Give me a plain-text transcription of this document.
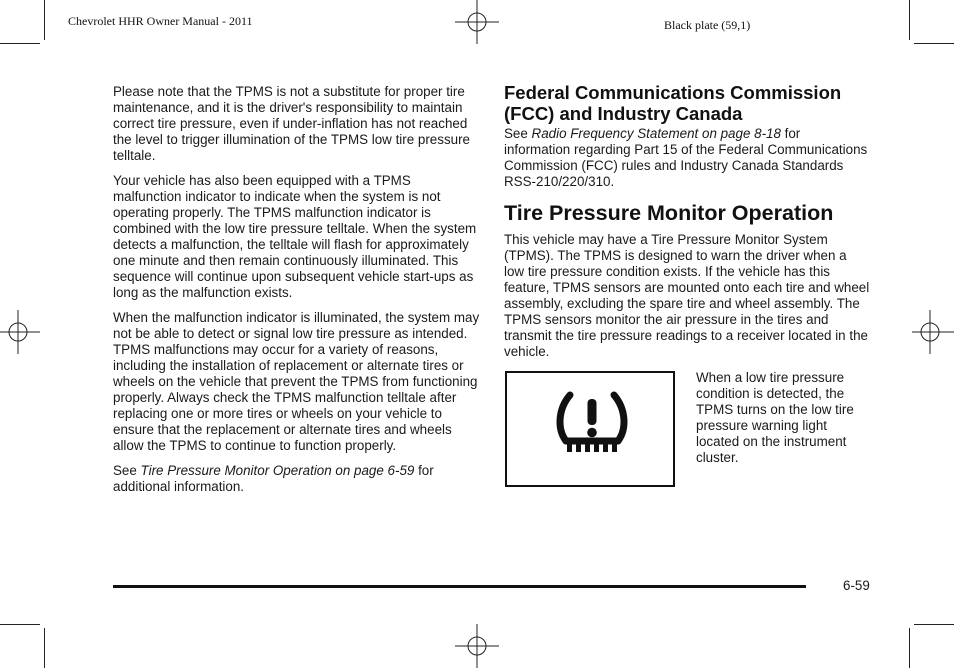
Chevrolet HHR Owner Manual - 2011	Black plate (59,1)

Please note that the TPMS is not a substitute for proper tire maintenance, and it is the driver's responsibility to maintain correct tire pressure, even if under-inflation has not reached the level to trigger illumination of the TPMS low tire pressure telltale.

Your vehicle has also been equipped with a TPMS malfunction indicator to indicate when the system is not operating properly. The TPMS malfunction indicator is combined with the low tire pressure telltale. When the system detects a malfunction, the telltale will flash for approximately one minute and then remain continuously illuminated. This sequence will continue upon subsequent vehicle start-ups as long as the malfunction exists.

When the malfunction indicator is illuminated, the system may not be able to detect or signal low tire pressure as intended. TPMS malfunctions may occur for a variety of reasons, including the installation of replacement or alternate tires or wheels on the vehicle that prevent the TPMS from functioning properly. Always check the TPMS malfunction telltale after replacing one or more tires or wheels on your vehicle to ensure that the replacement or alternate tires and wheels allow the TPMS to continue to function properly.

See Tire Pressure Monitor Operation on page 6-59 for additional information.

Federal Communications Commission (FCC) and Industry Canada

See Radio Frequency Statement on page 8-18 for information regarding Part 15 of the Federal Communications Commission (FCC) rules and Industry Canada Standards RSS-210/220/310.

Tire Pressure Monitor Operation

This vehicle may have a Tire Pressure Monitor System (TPMS). The TPMS is designed to warn the driver when a low tire pressure condition exists. If the vehicle has this feature, TPMS sensors are mounted onto each tire and wheel assembly, excluding the spare tire and wheel assembly. The TPMS sensors monitor the air pressure in the tires and transmit the tire pressure readings to a receiver located in the vehicle.

When a low tire pressure condition is detected, the TPMS turns on the low tire pressure warning light located on the instrument cluster.
6-59
